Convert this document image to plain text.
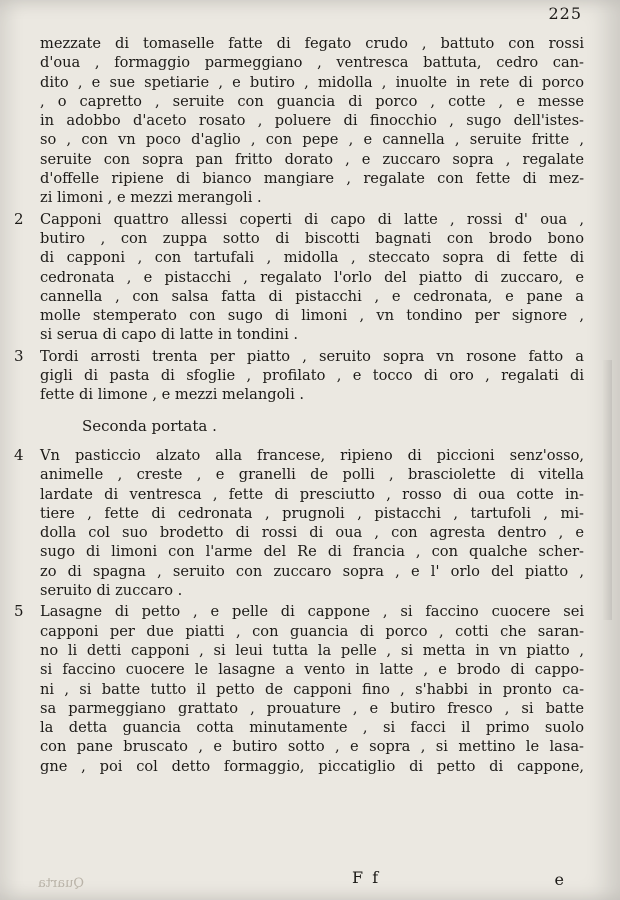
225
mezzate di tomaselle fatte di fegato crudo , battuto con rossi
d'oua , formaggio parmeggiano , ventresca battuta, cedro can-
dito , e sue spetiarie , e butiro , midolla , inuolte in rete di porco
, o capretto , seruite con guancia di porco , cotte , e messe
in adobbo d'aceto rosato , poluere di finocchio , sugo dell'istes-
so , con vn poco d'aglio , con pepe , e cannella , seruite fritte ,
seruite con sopra pan fritto dorato , e zuccaro sopra , regalate
d'offelle ripiene di bianco mangiare , regalate con fette di mez-
zi limoni , e mezzi merangoli .
2 Capponi quattro allessi coperti di capo di latte , rossi d' oua ,
butiro , con zuppa sotto di biscotti bagnati con brodo bono
di capponi , con tartufali , midolla , steccato sopra di fette di
cedronata , e pistacchi , regalato l'orlo del piatto di zuccaro, e
cannella , con salsa fatta di pistacchi , e cedronata, e pane a
molle stemperato con sugo di limoni , vn tondino per signore ,
si serua di capo di latte in tondini .
3 Tordi arrosti trenta per piatto , seruito sopra vn rosone fatto a
gigli di pasta di sfoglie , profilato , e tocco di oro , regalati di
fette di limone , e mezzi melangoli .
Seconda portata .
4 Vn pasticcio alzato alla francese, ripieno di piccioni senz'osso,
animelle , creste , e granelli de polli , brasciolette di vitella
lardate di ventresca , fette di presciutto , rosso di oua cotte in-
tiere , fette di cedronata , prugnoli , pistacchi , tartufoli , mi-
dolla col suo brodetto di rossi di oua , con agresta dentro , e
sugo di limoni con l'arme del Re di francia , con qualche scher-
zo di spagna , seruito con zuccaro sopra , e l' orlo del piatto ,
seruito di zuccaro .
5 Lasagne di petto , e pelle di cappone , si faccino cuocere sei
capponi per due piatti , con guancia di porco , cotti che saran-
no li detti capponi , si leui tutta la pelle , si metta in vn piatto ,
si faccino cuocere le lasagne a vento in latte , e brodo di cappo-
ni , si batte tutto il petto de capponi fino , s'habbi in pronto ca-
sa parmeggiano grattato , prouature , e butiro fresco , si batte
la detta guancia cotta minutamente , si facci il primo suolo
con pane bruscato , e butiro sotto , e sopra , si mettino le lasa-
gne , poi col detto formaggio, piccatiglio di petto di cappone,
Quarta	F f	e
